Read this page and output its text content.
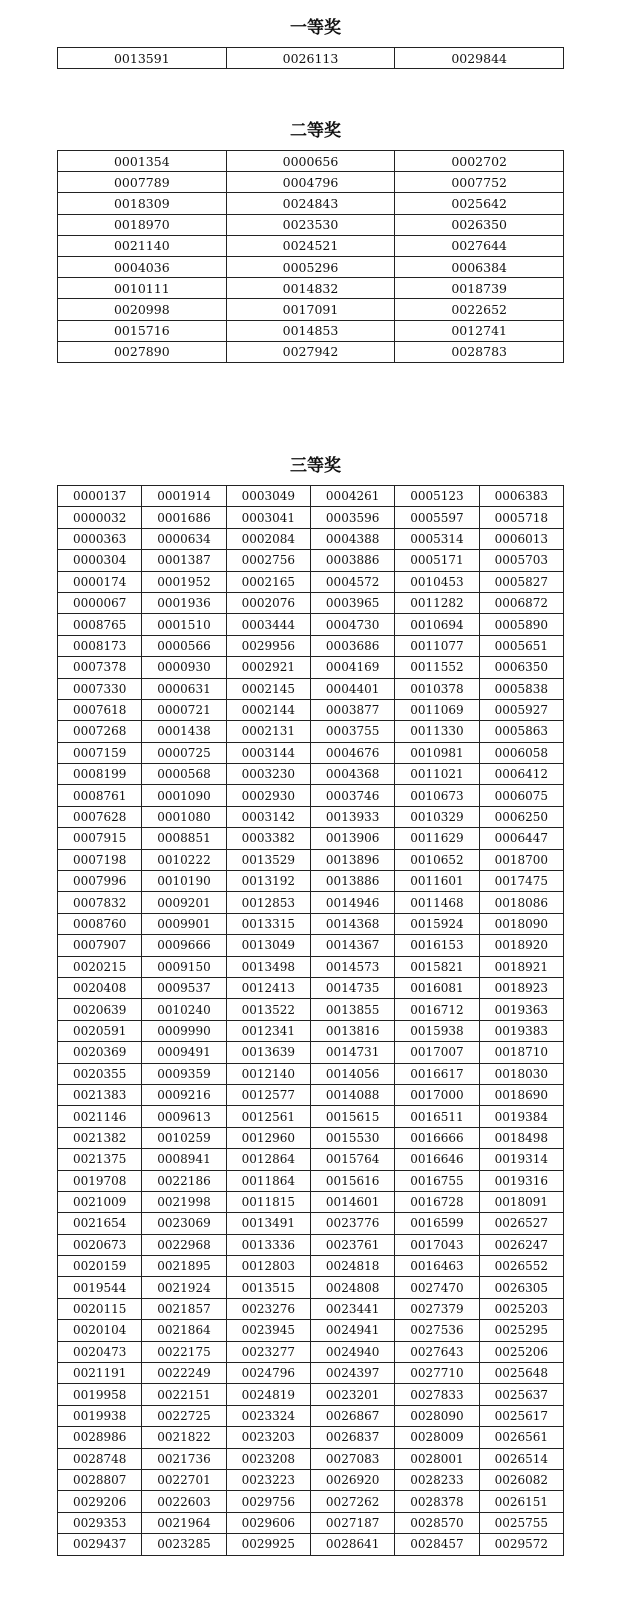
一等奖
0013591	0026113	0029844
二等奖
0001354	0000656	0002702
0007789	0004796	0007752
0018309	0024843	0025642
0018970	0023530	0026350
0021140	0024521	0027644
0004036	0005296	0006384
0010111	0014832	0018739
0020998	0017091	0022652
0015716	0014853	0012741
0027890	0027942	0028783
三等奖
0000137	0001914	0003049	0004261	0005123	0006383
0000032	0001686	0003041	0003596	0005597	0005718
0000363	0000634	0002084	0004388	0005314	0006013
0000304	0001387	0002756	0003886	0005171	0005703
0000174	0001952	0002165	0004572	0010453	0005827
0000067	0001936	0002076	0003965	0011282	0006872
0008765	0001510	0003444	0004730	0010694	0005890
0008173	0000566	0029956	0003686	0011077	0005651
0007378	0000930	0002921	0004169	0011552	0006350
0007330	0000631	0002145	0004401	0010378	0005838
0007618	0000721	0002144	0003877	0011069	0005927
0007268	0001438	0002131	0003755	0011330	0005863
0007159	0000725	0003144	0004676	0010981	0006058
0008199	0000568	0003230	0004368	0011021	0006412
0008761	0001090	0002930	0003746	0010673	0006075
0007628	0001080	0003142	0013933	0010329	0006250
0007915	0008851	0003382	0013906	0011629	0006447
0007198	0010222	0013529	0013896	0010652	0018700
0007996	0010190	0013192	0013886	0011601	0017475
0007832	0009201	0012853	0014946	0011468	0018086
0008760	0009901	0013315	0014368	0015924	0018090
0007907	0009666	0013049	0014367	0016153	0018920
0020215	0009150	0013498	0014573	0015821	0018921
0020408	0009537	0012413	0014735	0016081	0018923
0020639	0010240	0013522	0013855	0016712	0019363
0020591	0009990	0012341	0013816	0015938	0019383
0020369	0009491	0013639	0014731	0017007	0018710
0020355	0009359	0012140	0014056	0016617	0018030
0021383	0009216	0012577	0014088	0017000	0018690
0021146	0009613	0012561	0015615	0016511	0019384
0021382	0010259	0012960	0015530	0016666	0018498
0021375	0008941	0012864	0015764	0016646	0019314
0019708	0022186	0011864	0015616	0016755	0019316
0021009	0021998	0011815	0014601	0016728	0018091
0021654	0023069	0013491	0023776	0016599	0026527
0020673	0022968	0013336	0023761	0017043	0026247
0020159	0021895	0012803	0024818	0016463	0026552
0019544	0021924	0013515	0024808	0027470	0026305
0020115	0021857	0023276	0023441	0027379	0025203
0020104	0021864	0023945	0024941	0027536	0025295
0020473	0022175	0023277	0024940	0027643	0025206
0021191	0022249	0024796	0024397	0027710	0025648
0019958	0022151	0024819	0023201	0027833	0025637
0019938	0022725	0023324	0026867	0028090	0025617
0028986	0021822	0023203	0026837	0028009	0026561
0028748	0021736	0023208	0027083	0028001	0026514
0028807	0022701	0023223	0026920	0028233	0026082
0029206	0022603	0029756	0027262	0028378	0026151
0029353	0021964	0029606	0027187	0028570	0025755
0029437	0023285	0029925	0028641	0028457	0029572
